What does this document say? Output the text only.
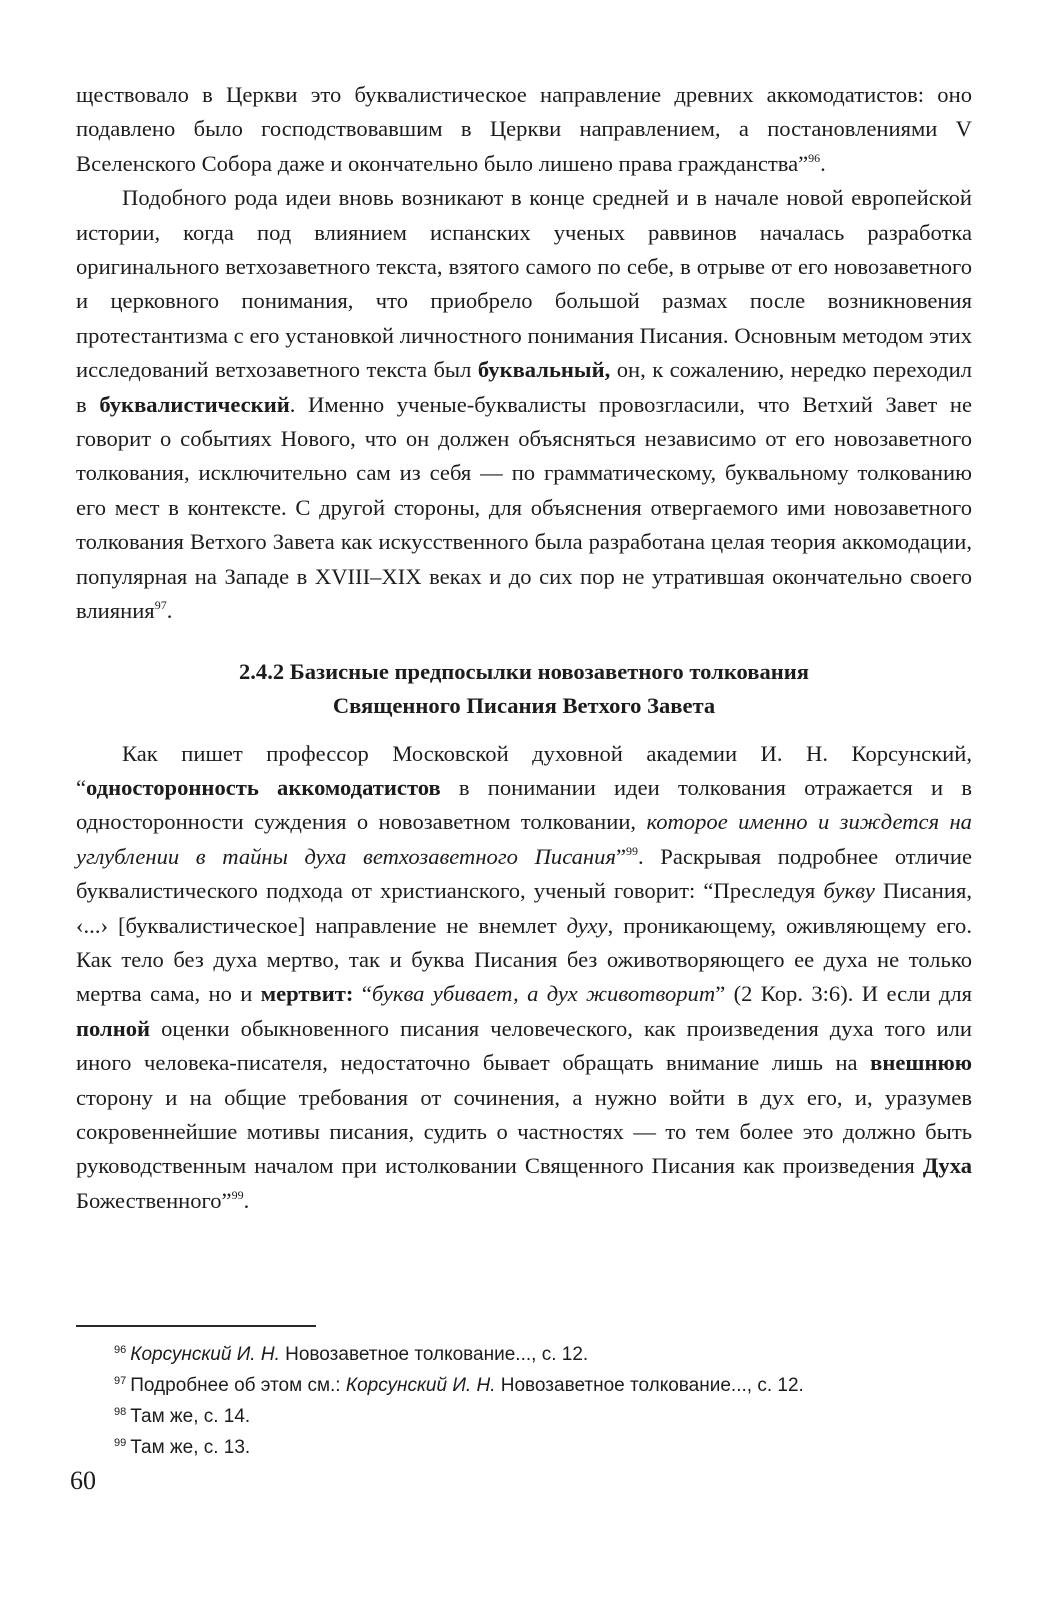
ществовало в Церкви это буквалистическое направление древних аккомодатистов: оно подавлено было господствовавшим в Церкви направлением, а постановлениями V Вселенского Собора даже и окончательно было лишено права гражданства”$^{96}$.

Подобного рода идеи вновь возникают в конце средней и в начале новой европейской истории, когда под влиянием испанских ученых раввинов началась разработка оригинального ветхозаветного текста, взятого самого по себе, в отрыве от его новозаветного и церковного понимания, что приобрело большой размах после возникновения протестантизма с его установкой личностного понимания Писания. Основным методом этих исследований ветхозаветного текста был буквальный, он, к сожалению, нередко переходил в буквалистический. Именно ученые-буквалисты провозгласили, что Ветхий Завет не говорит о событиях Нового, что он должен объясняться независимо от его новозаветного толкования, исключительно сам из себя — по грамматическому, буквальному толкованию его мест в контексте. С другой стороны, для объяснения отвергаемого ими новозаветного толкования Ветхого Завета как искусственного была разработана целая теория аккомодации, популярная на Западе в XVIII–XIX веках и до сих пор не утратившая окончательно своего влияния$^{97}$.

2.4.2 Базисные предпосылки новозаветного толкования
Священного Писания Ветхого Завета

Как пишет профессор Московской духовной академии И. Н. Корсунский, “односторонность аккомодатистов в понимании идеи толкования отражается и в односторонности суждения о новозаветном толковании, которое именно и зиждется на углублении в тайны духа ветхозаветного Писания”$^{99}$. Раскрывая подробнее отличие буквалистического подхода от христианского, ученый говорит: “Преследуя букву Писания, ‹...› [буквалистическое] направление не внемлет духу, проникающему, оживляющему его. Как тело без духа мертво, так и буква Писания без оживотворяющего ее духа не только мертва сама, но и мертвит: “буква убивает, а дух животворит” (2 Кор. 3:6). И если для полной оценки обыкновенного писания человеческого, как произведения духа того или иного человека-писателя, недостаточно бывает обращать внимание лишь на внешнюю сторону и на общие требования от сочинения, а нужно войти в дух его, и, уразумев сокровеннейшие мотивы писания, судить о частностях — то тем более это должно быть руководственным началом при истолковании Священного Писания как произведения Духа Божественного”$^{99}$.

$^{96}$ Корсунский И. Н. Новозаветное толкование..., с. 12.
$^{97}$ Подробнее об этом см.: Корсунский И. Н. Новозаветное толкование..., с. 12.
$^{98}$ Там же, с. 14.
$^{99}$ Там же, с. 13.
60
